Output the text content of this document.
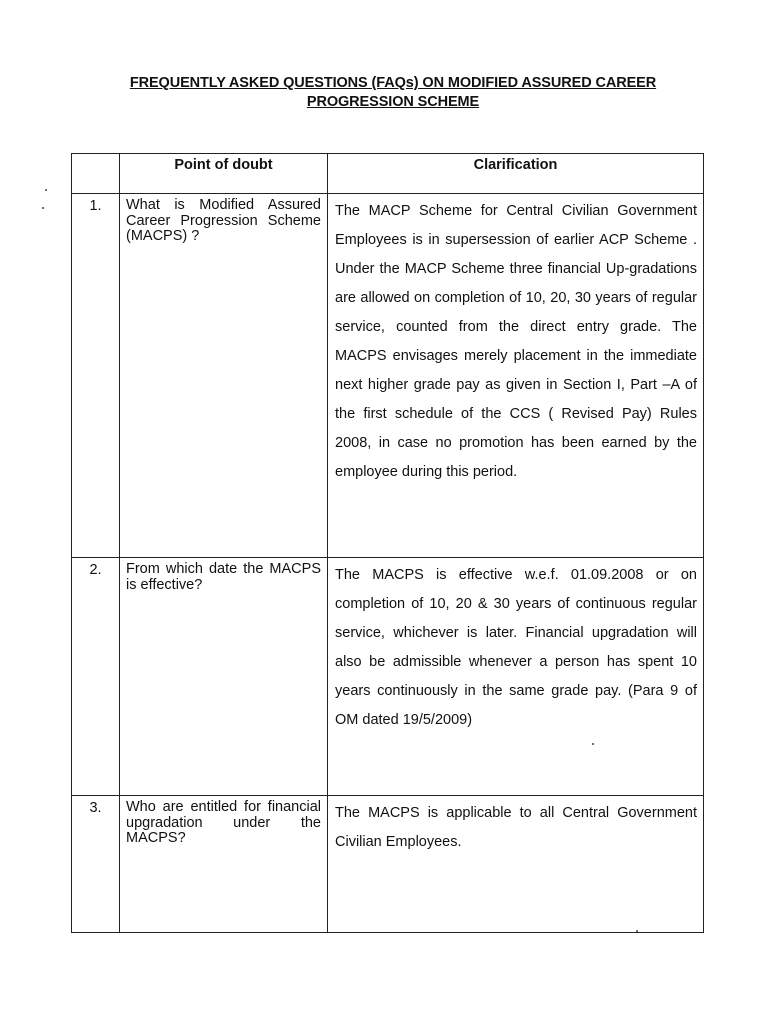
FREQUENTLY ASKED QUESTIONS (FAQs) ON MODIFIED ASSURED CAREER
PROGRESSION SCHEME
	Point of doubt	Clarification
1.	What is Modified Assured Career Progression Scheme (MACPS) ?	The MACP Scheme for Central Civilian Government Employees is in supersession of earlier ACP Scheme . Under the MACP Scheme three financial Up-gradations are allowed on completion of 10, 20, 30 years of regular service, counted from the direct entry grade. The MACPS envisages merely placement in the immediate next higher grade pay as given in Section I, Part –A of the first schedule of the CCS ( Revised Pay) Rules 2008, in case no promotion has been earned by the employee during this period.
2.	From which date the MACPS is effective?	The MACPS is effective w.e.f. 01.09.2008 or on completion of 10, 20 & 30 years of continuous regular service, whichever is later. Financial upgradation will also be admissible whenever a person has spent 10 years continuously in the same grade pay. (Para 9 of OM dated 19/5/2009)
3.	Who are entitled for financial upgradation under the MACPS?	The MACPS is applicable to all Central Government Civilian Employees.
